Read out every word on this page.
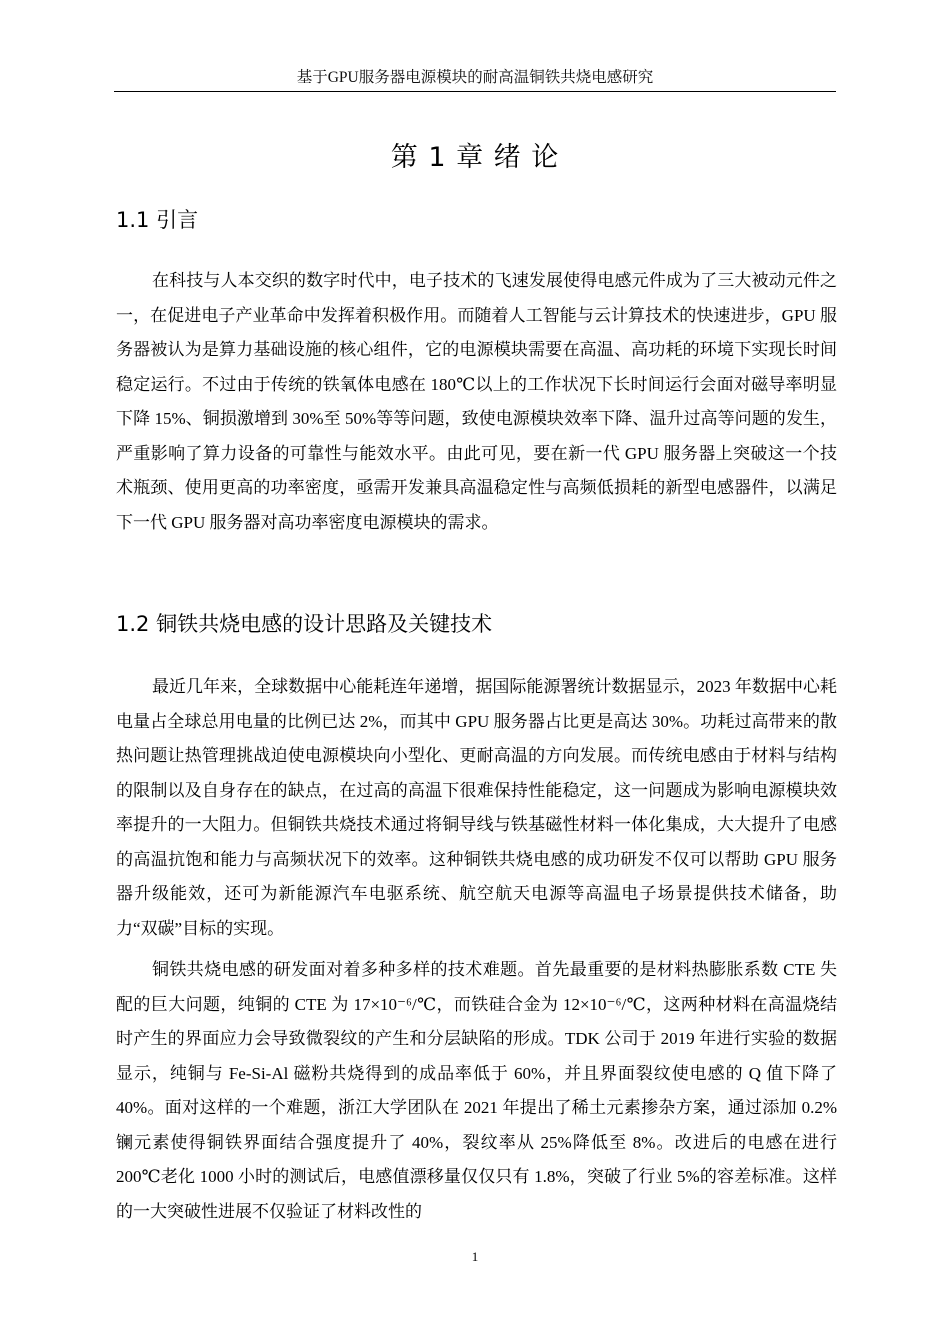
基于GPU服务器电源模块的耐高温铜铁共烧电感研究
第 1 章 绪 论
1.1 引言

在科技与人本交织的数字时代中，电子技术的飞速发展使得电感元件成为了三大被动元件之一，在促进电子产业革命中发挥着积极作用。而随着人工智能与云计算技术的快速进步，GPU 服务器被认为是算力基础设施的核心组件，它的电源模块需要在高温、高功耗的环境下实现长时间稳定运行。不过由于传统的铁氧体电感在 180℃以上的工作状况下长时间运行会面对磁导率明显下降 15%、铜损激增到 30%至 50%等等问题，致使电源模块效率下降、温升过高等问题的发生，严重影响了算力设备的可靠性与能效水平。由此可见，要在新一代 GPU 服务器上突破这一个技术瓶颈、使用更高的功率密度，亟需开发兼具高温稳定性与高频低损耗的新型电感器件，以满足下一代 GPU 服务器对高功率密度电源模块的需求。

1.2 铜铁共烧电感的设计思路及关键技术

最近几年来，全球数据中心能耗连年递增，据国际能源署统计数据显示，2023 年数据中心耗电量占全球总用电量的比例已达 2%，而其中 GPU 服务器占比更是高达 30%。功耗过高带来的散热问题让热管理挑战迫使电源模块向小型化、更耐高温的方向发展。而传统电感由于材料与结构的限制以及自身存在的缺点，在过高的高温下很难保持性能稳定，这一问题成为影响电源模块效率提升的一大阻力。但铜铁共烧技术通过将铜导线与铁基磁性材料一体化集成，大大提升了电感的高温抗饱和能力与高频状况下的效率。这种铜铁共烧电感的成功研发不仅可以帮助 GPU 服务器升级能效，还可为新能源汽车电驱系统、航空航天电源等高温电子场景提供技术储备，助力“双碳”目标的实现。

铜铁共烧电感的研发面对着多种多样的技术难题。首先最重要的是材料热膨胀系数 CTE 失配的巨大问题，纯铜的 CTE 为 17×10⁻⁶/℃，而铁硅合金为 12×10⁻⁶/℃，这两种材料在高温烧结时产生的界面应力会导致微裂纹的产生和分层缺陷的形成。TDK 公司于 2019 年进行实验的数据显示，纯铜与 Fe-Si-Al 磁粉共烧得到的成品率低于 60%，并且界面裂纹使电感的 Q 值下降了 40%。面对这样的一个难题，浙江大学团队在 2021 年提出了稀土元素掺杂方案，通过添加 0.2%镧元素使得铜铁界面结合强度提升了 40%，裂纹率从 25%降低至 8%。改进后的电感在进行 200℃老化 1000 小时的测试后，电感值漂移量仅仅只有 1.8%，突破了行业 5%的容差标准。这样的一大突破性进展不仅验证了材料改性的

1
